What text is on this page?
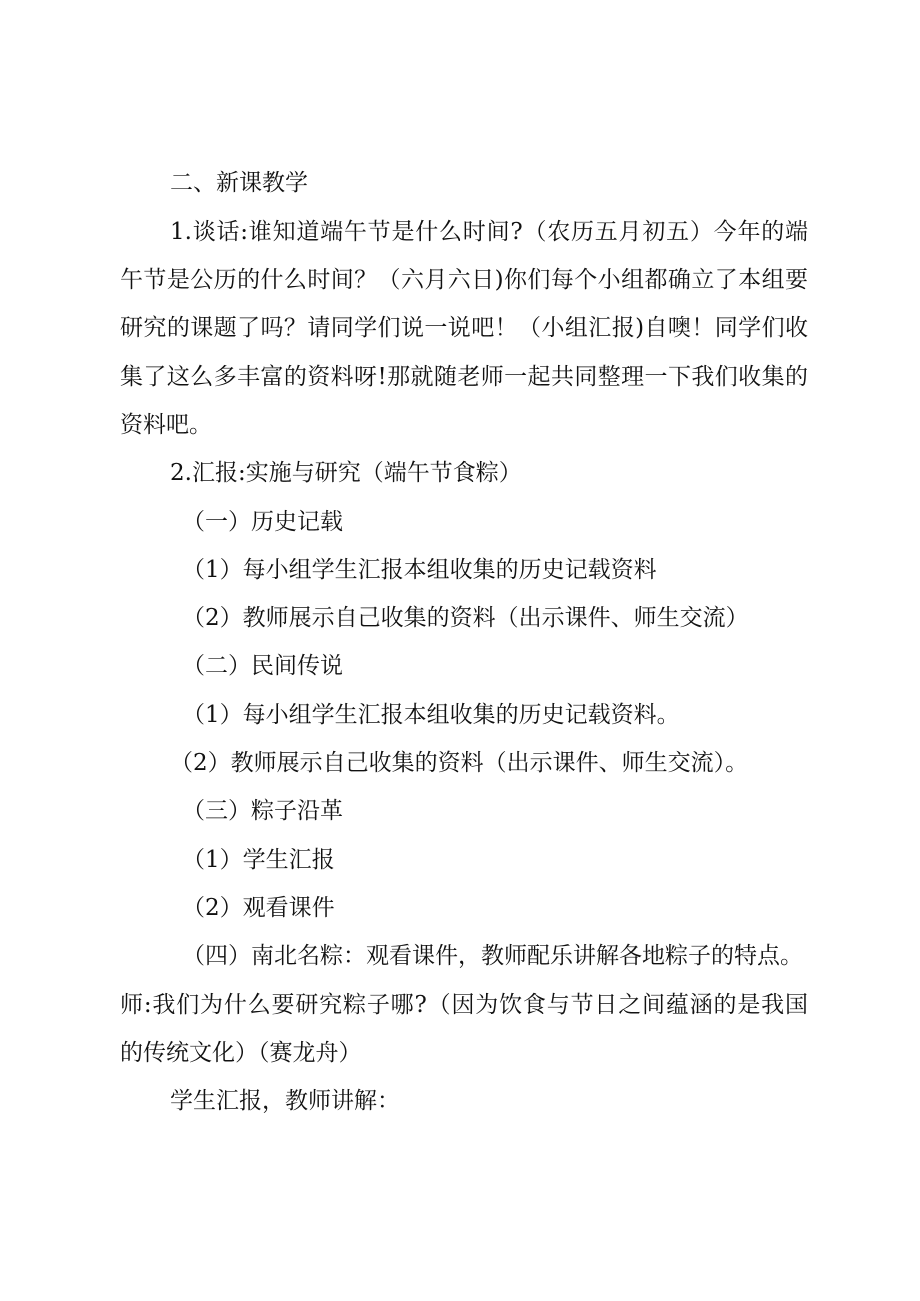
二、新课教学

1.谈话:谁知道端午节是什么时间?（农历五月初五）今年的端

午节是公历的什么时间？（六月六日)你们每个小组都确立了本组要

研究的课题了吗？请同学们说一说吧！（小组汇报)自噢！同学们收

集了这么多丰富的资料呀!那就随老师一起共同整理一下我们收集的

资料吧。

2.汇报:实施与研究（端午节食粽）

（一）历史记载

（1）每小组学生汇报本组收集的历史记载资料

（2）教师展示自己收集的资料（出示课件、师生交流）

（二）民间传说

（1）每小组学生汇报本组收集的历史记载资料。

（2）教师展示自己收集的资料（出示课件、师生交流）。

（三）粽子沿革

（1）学生汇报

（2）观看课件

（四）南北名粽：观看课件，教师配乐讲解各地粽子的特点。

师:我们为什么要研究粽子哪?（因为饮食与节日之间蕴涵的是我国

的传统文化）（赛龙舟）

学生汇报，教师讲解：
